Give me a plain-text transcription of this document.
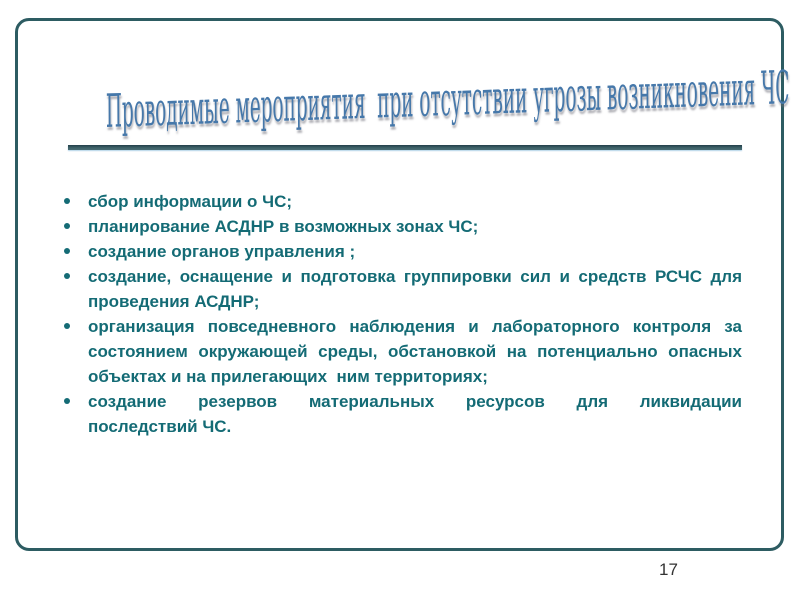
Проводимые мероприятия  при отсутствии угрозы возникновения ЧС

сбор информации о ЧС;
планирование АСДНР в возможных зонах ЧС;
создание органов управления ;
создание, оснащение и подготовка группировки сил и средств РСЧС для
проведения АСДНР;
организация повседневного наблюдения и лабораторного контроля за
состоянием окружающей среды, обстановкой на потенциально опасных
объектах и на прилегающих  ним территориях;
создание резервов материальных ресурсов для ликвидации
последствий ЧС.
17
